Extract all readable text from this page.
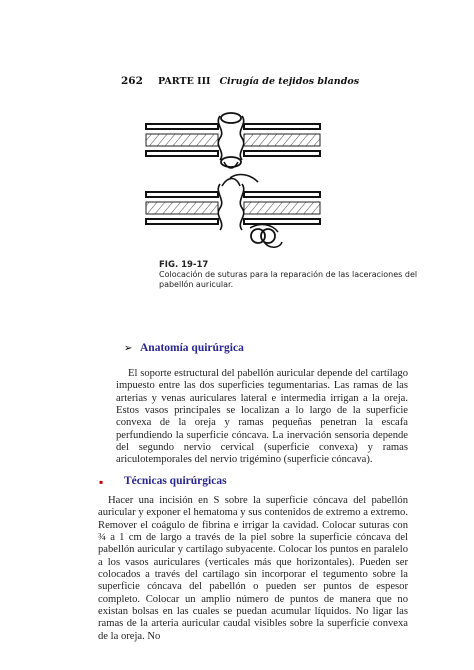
262 PARTE III Cirugía de tejidos blandos
FIG. 19-17
Colocación de suturas para la reparación de las laceraciones del pabellón auricular.
➢ Anatomía quirúrgica
El soporte estructural del pabellón auricular depende del cartílago impuesto entre las dos superficies tegumentarias. Las ramas de las arterias y venas auriculares lateral e intermedia irrigan a la oreja. Estos vasos principales se localizan a lo largo de la superficie convexa de la oreja y ramas pequeñas penetran la escafa perfundiendo la superficie cóncava. La inervación sensoria depende del segundo nervio cervical (superficie convexa) y ramas ariculotemporales del nervio trigémino (superficie cóncava).
▪ Técnicas quirúrgicas
Hacer una incisión en S sobre la superficie cóncava del pabellón auricular y exponer el hematoma y sus contenidos de extremo a extremo. Remover el coágulo de fibrina e irrigar la cavidad. Colocar suturas con ¾ a 1 cm de largo a través de la piel sobre la superficie cóncava del pabellón auricular y cartílago subyacente. Colocar los puntos en paralelo a los vasos auriculares (verticales más que horizontales). Pueden ser colocados a través del cartílago sin incorporar el tegumento sobre la superficie cóncava del pabellón o pueden ser puntos de espesor completo. Colocar un amplio número de puntos de manera que no existan bolsas en las cuales se puedan acumular líquidos. No ligar las ramas de la arteria auricular caudal visibles sobre la superficie convexa de la oreja. No
